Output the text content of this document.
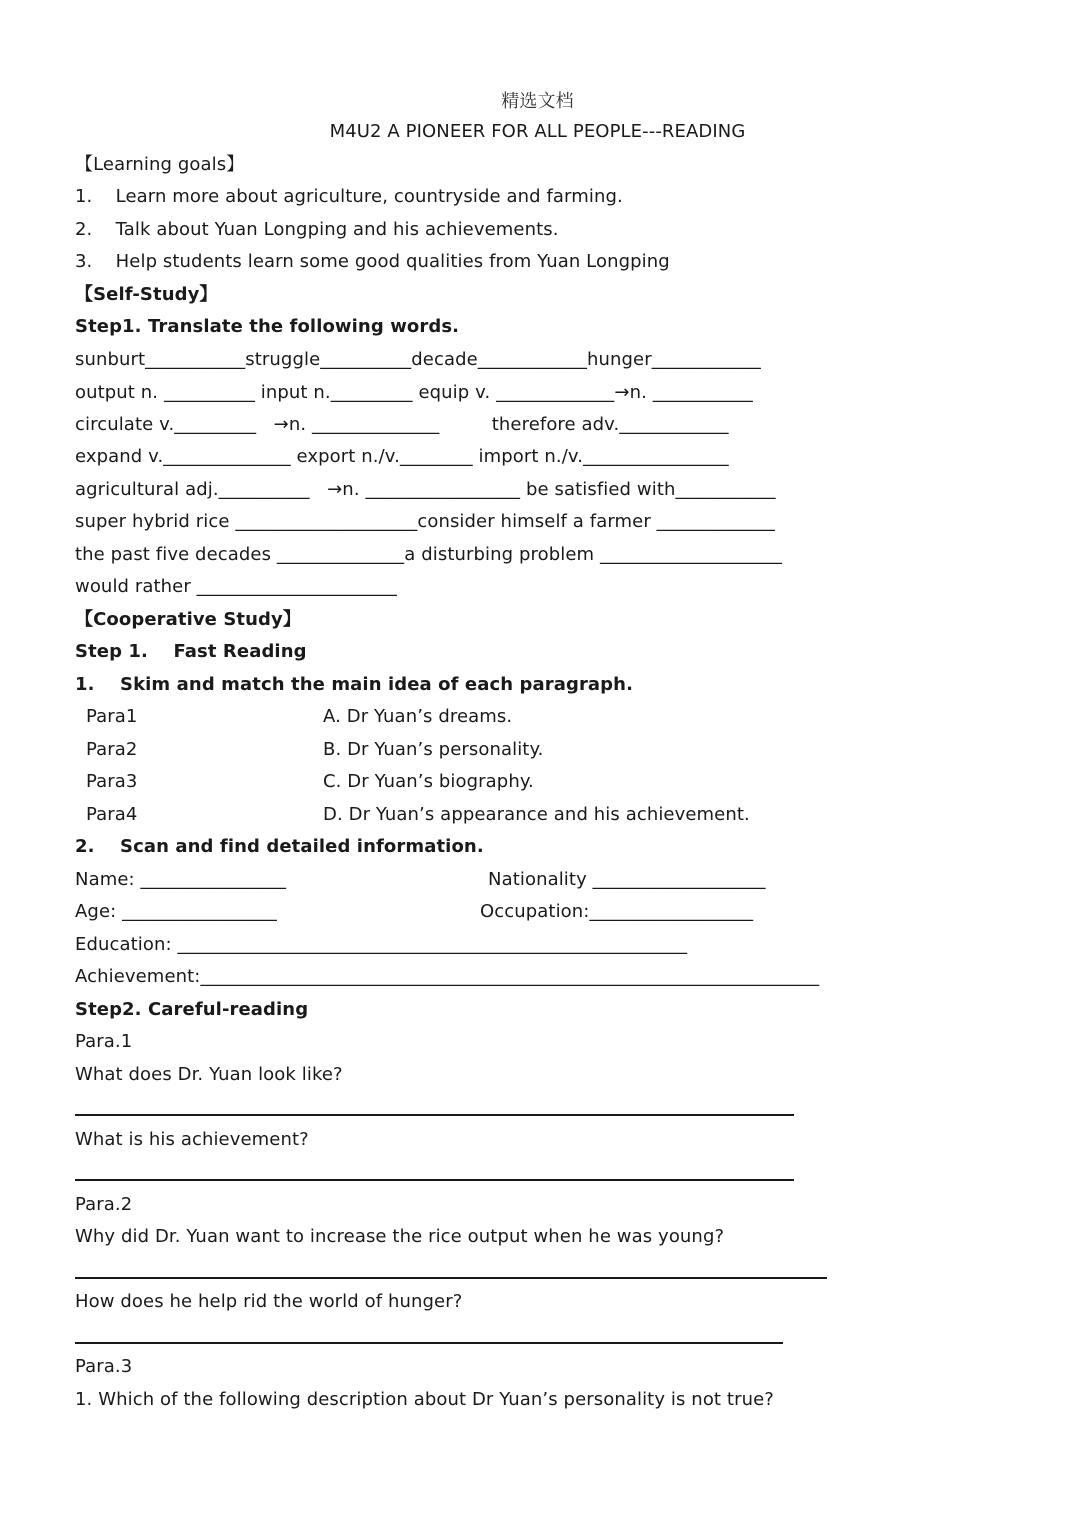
精选文档
M4U2 A PIONEER FOR ALL PEOPLE---READING
【Learning goals】
1.    Learn more about agriculture, countryside and farming.
2.    Talk about Yuan Longping and his achievements.
3.    Help students learn some good qualities from Yuan Longping
【Self-Study】
Step1. Translate the following words.
sunburt___________struggle__________decade____________hunger____________
output n. __________ input n._________ equip v. _____________→n. ___________
circulate v._________   →n. ______________         therefore adv.____________
expand v.______________ export n./v.________ import n./v.________________
agricultural adj.__________   →n. _________________ be satisfied with___________
super hybrid rice ____________________consider himself a farmer _____________
the past five decades ______________a disturbing problem ____________________
would rather ______________________
【Cooperative Study】
Step 1.    Fast Reading
1.    Skim and match the main idea of each paragraph.
Para1	A. Dr Yuan’s dreams.
Para2	B. Dr Yuan’s personality.
Para3	C. Dr Yuan’s biography.
Para4	D. Dr Yuan’s appearance and his achievement.
2.    Scan and find detailed information.
Name: ________________	Nationality ___________________
Age: _________________	Occupation:__________________
Education: ________________________________________________________
Achievement:____________________________________________________________________
Step2. Careful-reading
Para.1
What does Dr. Yuan look like?
What is his achievement?
Para.2
Why did Dr. Yuan want to increase the rice output when he was young?
How does he help rid the world of hunger?
Para.3
1. Which of the following description about Dr Yuan’s personality is not true?
